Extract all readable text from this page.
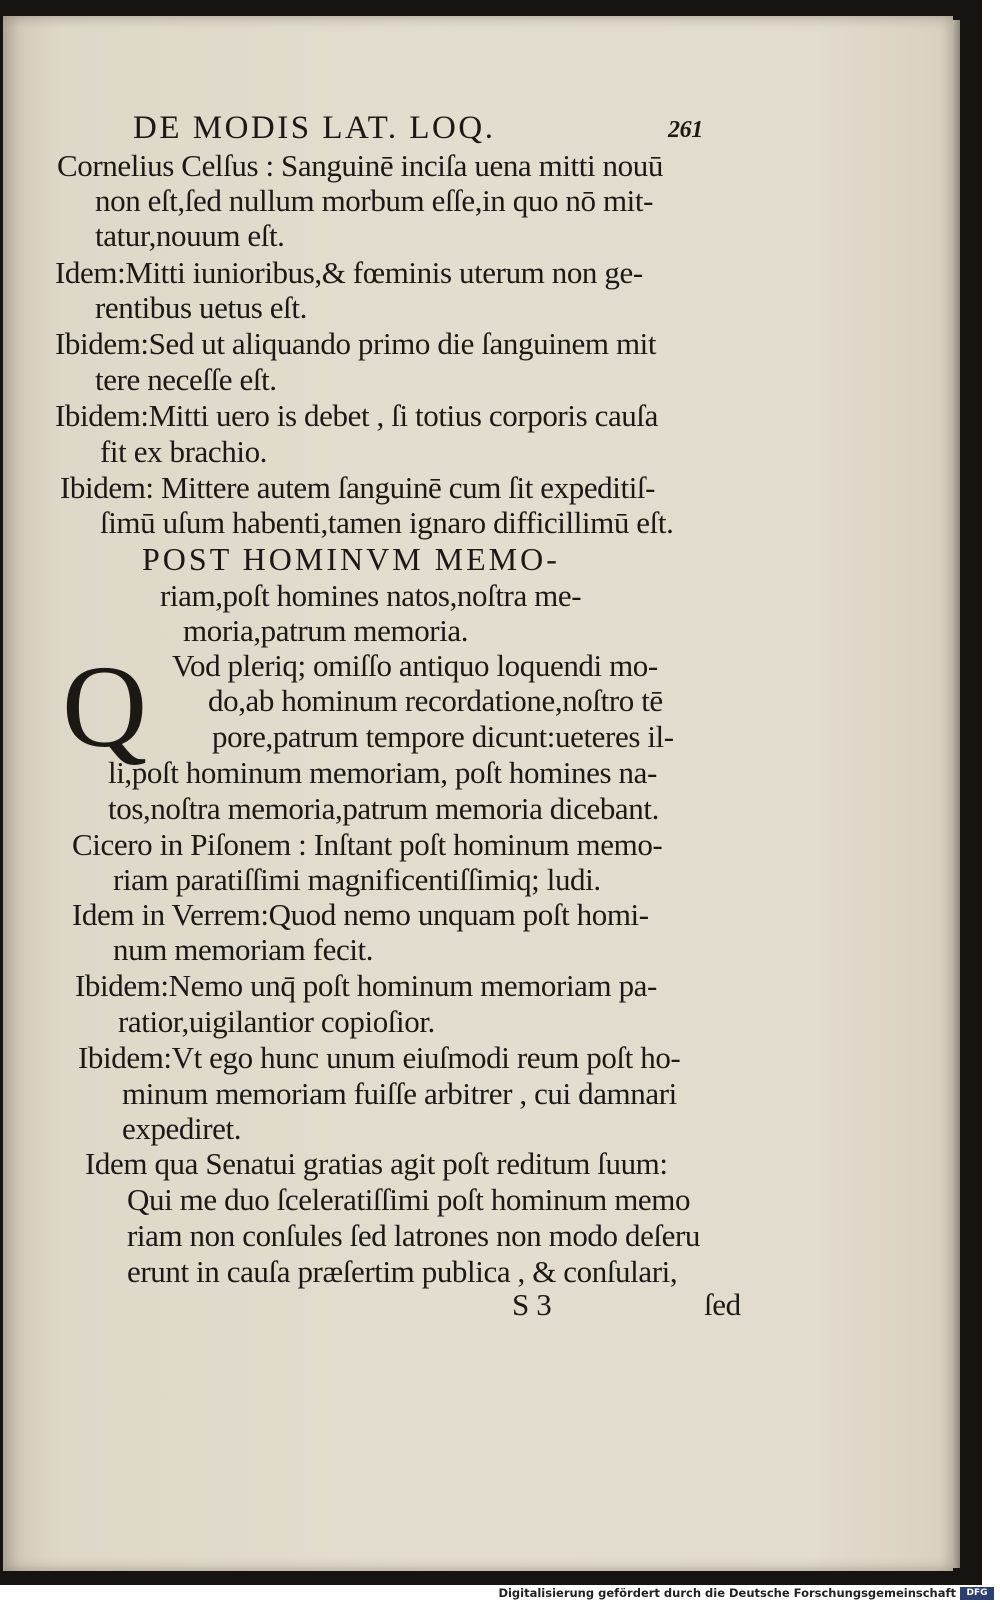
DE MODIS LAT. LOQ.	261
Cornelius Celſus : Sanguinē inciſa uena mitti nouū
non eſt,ſed nullum morbum eſſe,in quo nō mit-
tatur,nouum eſt.
Idem:Mitti iunioribus,& fœminis uterum non ge-
rentibus uetus eſt.
Ibidem:Sed ut aliquando primo die ſanguinem mit
tere neceſſe eſt.
Ibidem:Mitti uero is debet , ſi totius corporis cauſa
fit ex brachio.
Ibidem: Mittere autem ſanguinē cum ſit expeditiſ-
ſimū uſum habenti,tamen ignaro difficillimū eſt.
POST HOMINVM MEMO-
riam,poſt homines natos,noſtra me-
moria,patrum memoria.
Q Vod pleriq; omiſſo antiquo loquendi mo-
do,ab hominum recordatione,noſtro tē
pore,patrum tempore dicunt:ueteres il-
li,poſt hominum memoriam, poſt homines na-
tos,noſtra memoria,patrum memoria dicebant.
Cicero in Piſonem : Inſtant poſt hominum memo-
riam paratiſſimi magnificentiſſimiq; ludi.
Idem in Verrem:Quod nemo unquam poſt homi-
num memoriam fecit.
Ibidem:Nemo unq̄ poſt hominum memoriam pa-
ratior,uigilantior copioſior.
Ibidem:Vt ego hunc unum eiuſmodi reum poſt ho-
minum memoriam fuiſſe arbitrer , cui damnari
expediret.
Idem qua Senatui gratias agit poſt reditum ſuum:
Qui me duo ſceleratiſſimi poſt hominum memo
riam non conſules ſed latrones non modo deſeru
erunt in cauſa præſertim publica , & conſulari,
S 3	ſed
Digitalisierung gefördert durch die Deutsche Forschungsgemeinschaft	DFG
